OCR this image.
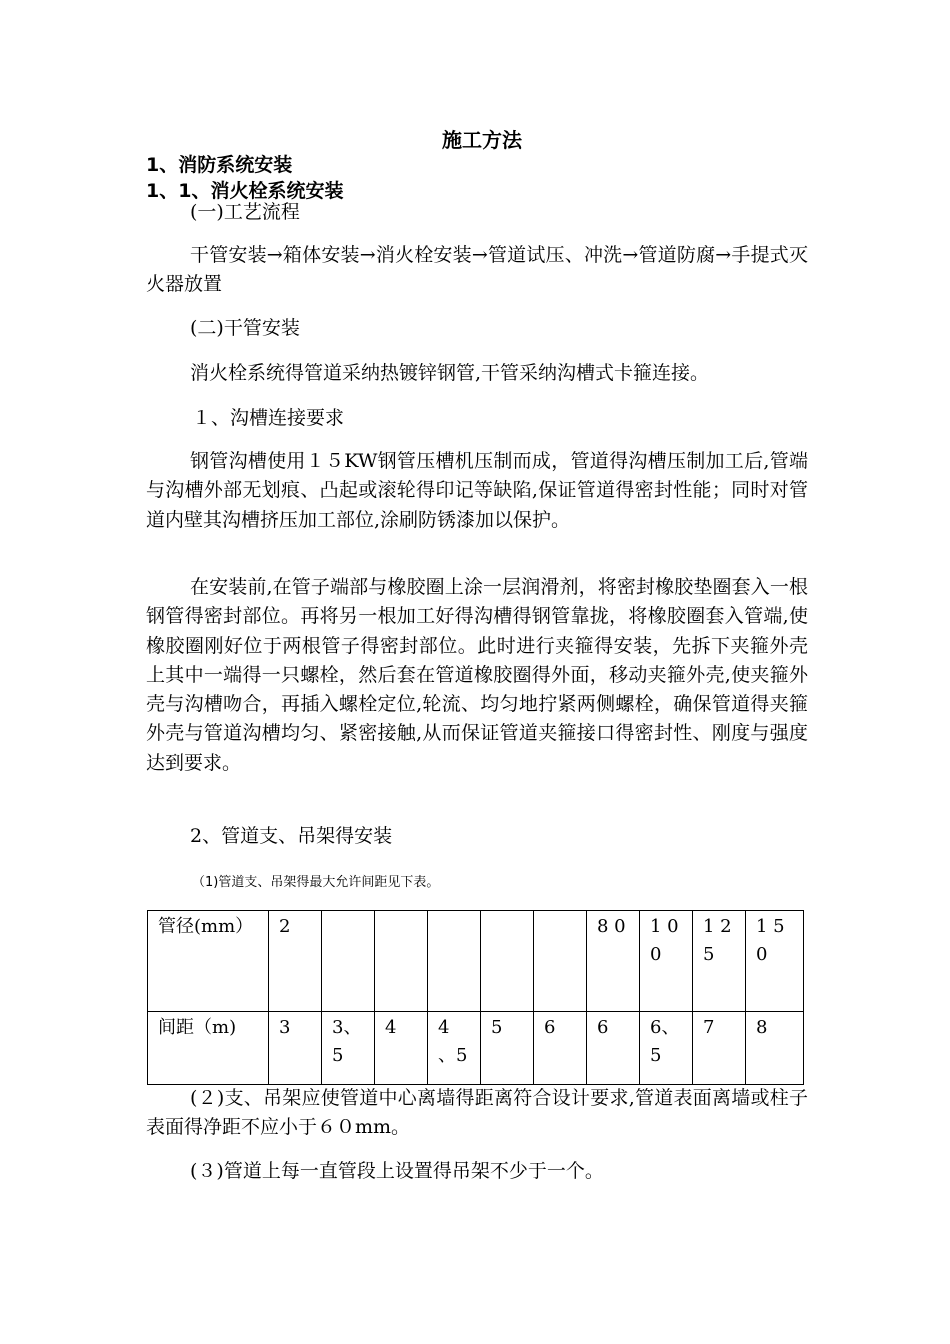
施工方法
1、消防系统安装
1、1、消火栓系统安装
(一)工艺流程
干管安装→箱体安装→消火栓安装→管道试压、冲洗→管道防腐→手提式灭火器放置
(二)干管安装
消火栓系统得管道采纳热镀锌钢管,干管采纳沟槽式卡箍连接。
１、沟槽连接要求
钢管沟槽使用１５KW钢管压槽机压制而成，管道得沟槽压制加工后,管端与沟槽外部无划痕、凸起或滚轮得印记等缺陷,保证管道得密封性能；同时对管道内壁其沟槽挤压加工部位,涂刷防锈漆加以保护。
在安装前,在管子端部与橡胶圈上涂一层润滑剂，将密封橡胶垫圈套入一根钢管得密封部位。再将另一根加工好得沟槽得钢管靠拢，将橡胶圈套入管端,使橡胶圈刚好位于两根管子得密封部位。此时进行夹箍得安装，先拆下夹箍外壳上其中一端得一只螺栓，然后套在管道橡胶圈得外面，移动夹箍外壳,使夹箍外壳与沟槽吻合，再插入螺栓定位,轮流、均匀地拧紧两侧螺栓，确保管道得夹箍外壳与管道沟槽均匀、紧密接触,从而保证管道夹箍接口得密封性、刚度与强度达到要求。
2、管道支、吊架得安装
（1)管道支、吊架得最大允许间距见下表。
管径(mm）	2						8 0	1 0 0	1 2 5	1 5 0
间距（m)	3	3、5	4	4 、5	5	6	6	6、5	7	8
(２)支、吊架应使管道中心离墙得距离符合设计要求,管道表面离墙或柱子表面得净距不应小于６０mm。
(３)管道上每一直管段上设置得吊架不少于一个。
